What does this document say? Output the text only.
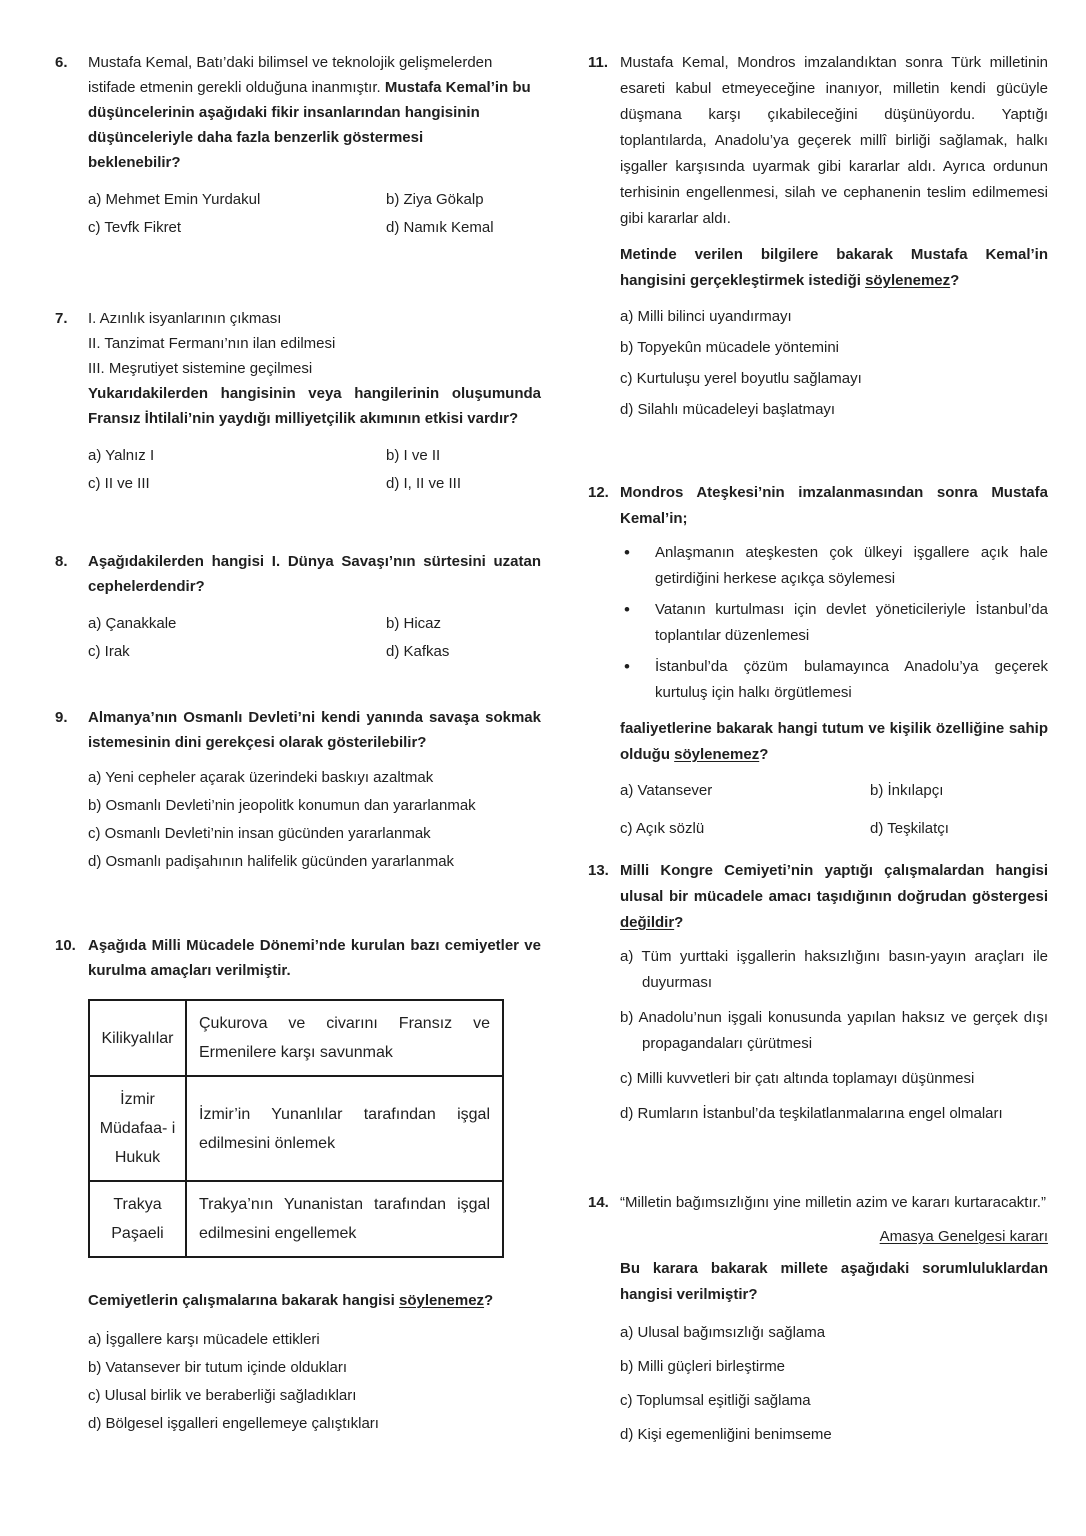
6.	Mustafa Kemal, Batı’daki bilimsel ve teknolojik gelişmelerden istifade etmenin gerekli olduğuna inanmıştır. Mustafa Kemal’in bu düşüncelerinin aşağıdaki fikir insanlarından hangisinin düşünceleriyle daha fazla benzerlik göstermesi
beklenebilir?
a) Mehmet Emin Yurdakul	b) Ziya Gökalp
c) Tevfk Fikret	d) Namık Kemal
7.	I. Azınlık isyanlarının çıkması
II. Tanzimat Fermanı’nın ilan edilmesi
III. Meşrutiyet sistemine geçilmesi
Yukarıdakilerden hangisinin veya hangilerinin oluşumunda Fransız İhtilali’nin yaydığı milliyetçilik akımının etkisi vardır?
a) Yalnız I	b) I ve II
c) II ve III	d) I, II ve III
8.	Aşağıdakilerden hangisi I. Dünya Savaşı’nın sürtesini uzatan cephelerdendir?
a) Çanakkale	b) Hicaz
c) Irak	d) Kafkas
9.	Almanya’nın Osmanlı Devleti’ni kendi yanında savaşa sokmak istemesinin dini gerekçesi olarak gösterilebilir?
a) Yeni cepheler açarak üzerindeki baskıyı azaltmak
b) Osmanlı Devleti’nin jeopolitk konumun dan yararlanmak
c) Osmanlı Devleti’nin insan gücünden yararlanmak
d) Osmanlı padişahının halifelik gücünden yararlanmak
10. Aşağıda Milli Mücadele Dönemi’nde kurulan bazı cemiyetler ve kurulma amaçları verilmiştir.
Kilikyalılar	Çukurova ve civarını Fransız ve Ermenilere karşı savunmak
İzmir Müdafaa- i Hukuk	İzmir’in Yunanlılar tarafından işgal edilmesini önlemek
Trakya Paşaeli	Trakya’nın Yunanistan tarafından işgal edilmesini engellemek
Cemiyetlerin çalışmalarına bakarak hangisi söylenemez?
a) İşgallere karşı mücadele ettikleri
b) Vatansever bir tutum içinde oldukları
c) Ulusal birlik ve beraberliği sağladıkları
d) Bölgesel işgalleri engellemeye çalıştıkları
11. Mustafa Kemal, Mondros imzalandıktan sonra Türk milletinin esareti kabul etmeyeceğine inanıyor, milletin kendi gücüyle düşmana karşı çıkabileceğini düşünüyordu. Yaptığı toplantılarda, Anadolu’ya geçerek millî birliği sağlamak, halkı işgaller karşısında uyarmak gibi kararlar aldı. Ayrıca ordunun terhisinin engellenmesi, silah ve cephanenin teslim edilmemesi gibi kararlar aldı.
Metinde verilen bilgilere bakarak Mustafa Kemal’in hangisini gerçekleştirmek istediği söylenemez?
a) Milli bilinci uyandırmayı
b) Topyekûn mücadele yöntemini
c) Kurtuluşu yerel boyutlu sağlamayı
d) Silahlı mücadeleyi başlatmayı
12. Mondros Ateşkesi’nin imzalanmasından sonra Mustafa Kemal’in;
•	Anlaşmanın ateşkesten çok ülkeyi işgallere açık hale getirdiğini herkese açıkça söylemesi
•	Vatanın kurtulması için devlet yöneticileriyle İstanbul’da toplantılar düzenlemesi
•	İstanbul’da çözüm bulamayınca Anadolu’ya geçerek kurtuluş için halkı örgütlemesi
faaliyetlerine bakarak hangi tutum ve kişilik özelliğine sahip olduğu söylenemez?
a) Vatansever	b) İnkılapçı
c) Açık sözlü	d) Teşkilatçı
13. Milli Kongre Cemiyeti’nin yaptığı çalışmalardan hangisi ulusal bir mücadele amacı taşıdığının doğrudan göstergesi değildir?
a) Tüm yurttaki işgallerin haksızlığını basın-yayın araçları ile duyurması
b) Anadolu’nun işgali konusunda yapılan haksız ve gerçek dışı propagandaları çürütmesi
c) Milli kuvvetleri bir çatı altında toplamayı düşünmesi
d) Rumların İstanbul’da teşkilatlanmalarına engel olmaları
14. “Milletin bağımsızlığını yine milletin azim ve kararı kurtaracaktır.”
Amasya Genelgesi kararı
Bu karara bakarak millete aşağıdaki sorumluluklardan hangisi verilmiştir?
a) Ulusal bağımsızlığı sağlama
b) Milli güçleri birleştirme
c) Toplumsal eşitliği sağlama
d) Kişi egemenliğini benimseme
